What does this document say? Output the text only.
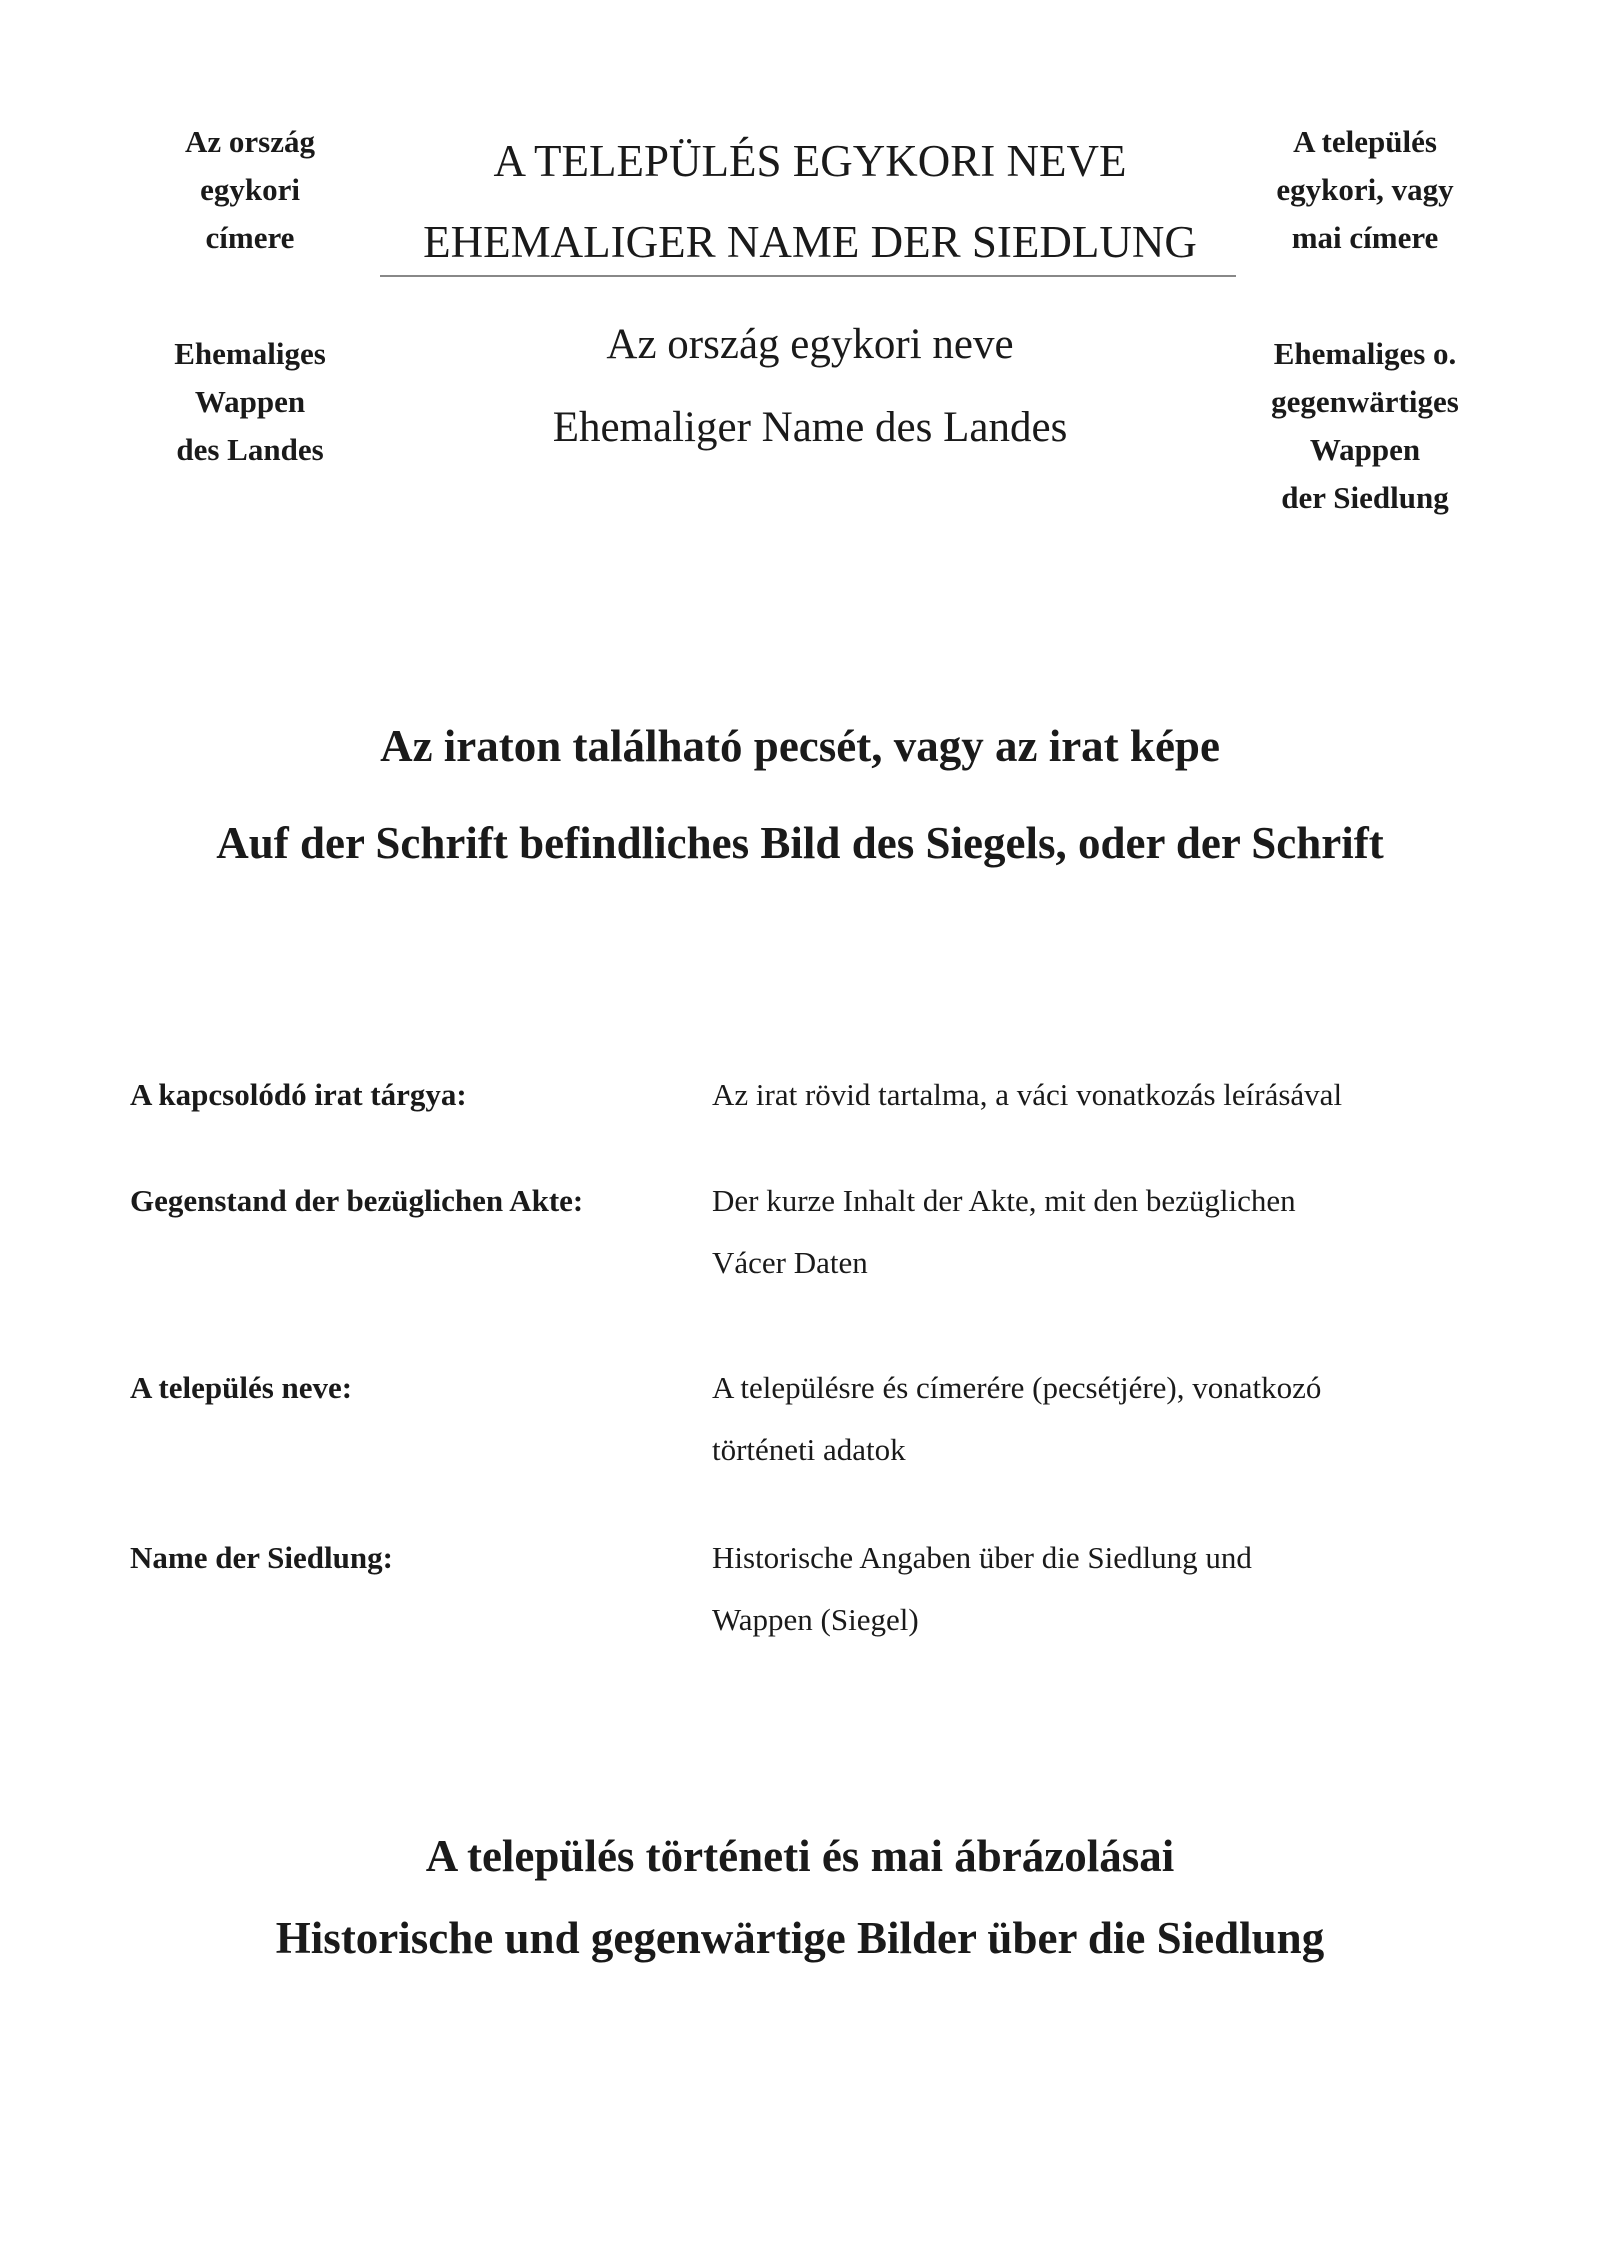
Az ország
egykori
címere
Ehemaliges
Wappen
des Landes
A település
egykori, vagy
mai címere
Ehemaliges o.
gegenwärtiges
Wappen
der Siedlung
A TELEPÜLÉS EGYKORI NEVE
EHEMALIGER NAME DER SIEDLUNG
Az ország egykori neve
Ehemaliger Name des Landes
Az iraton található pecsét, vagy az irat képe
Auf der Schrift befindliches Bild des Siegels, oder der Schrift
A kapcsolódó irat tárgya:	Az irat rövid tartalma, a váci vonatkozás leírásával
Gegenstand der bezüglichen Akte:	Der kurze Inhalt der Akte, mit den bezüglichen
Vácer Daten
A település neve:	A településre és címerére (pecsétjére), vonatkozó
történeti adatok
Name der Siedlung:	Historische Angaben über die Siedlung und
Wappen (Siegel)
A település történeti és mai ábrázolásai
Historische und gegenwärtige Bilder über die Siedlung
